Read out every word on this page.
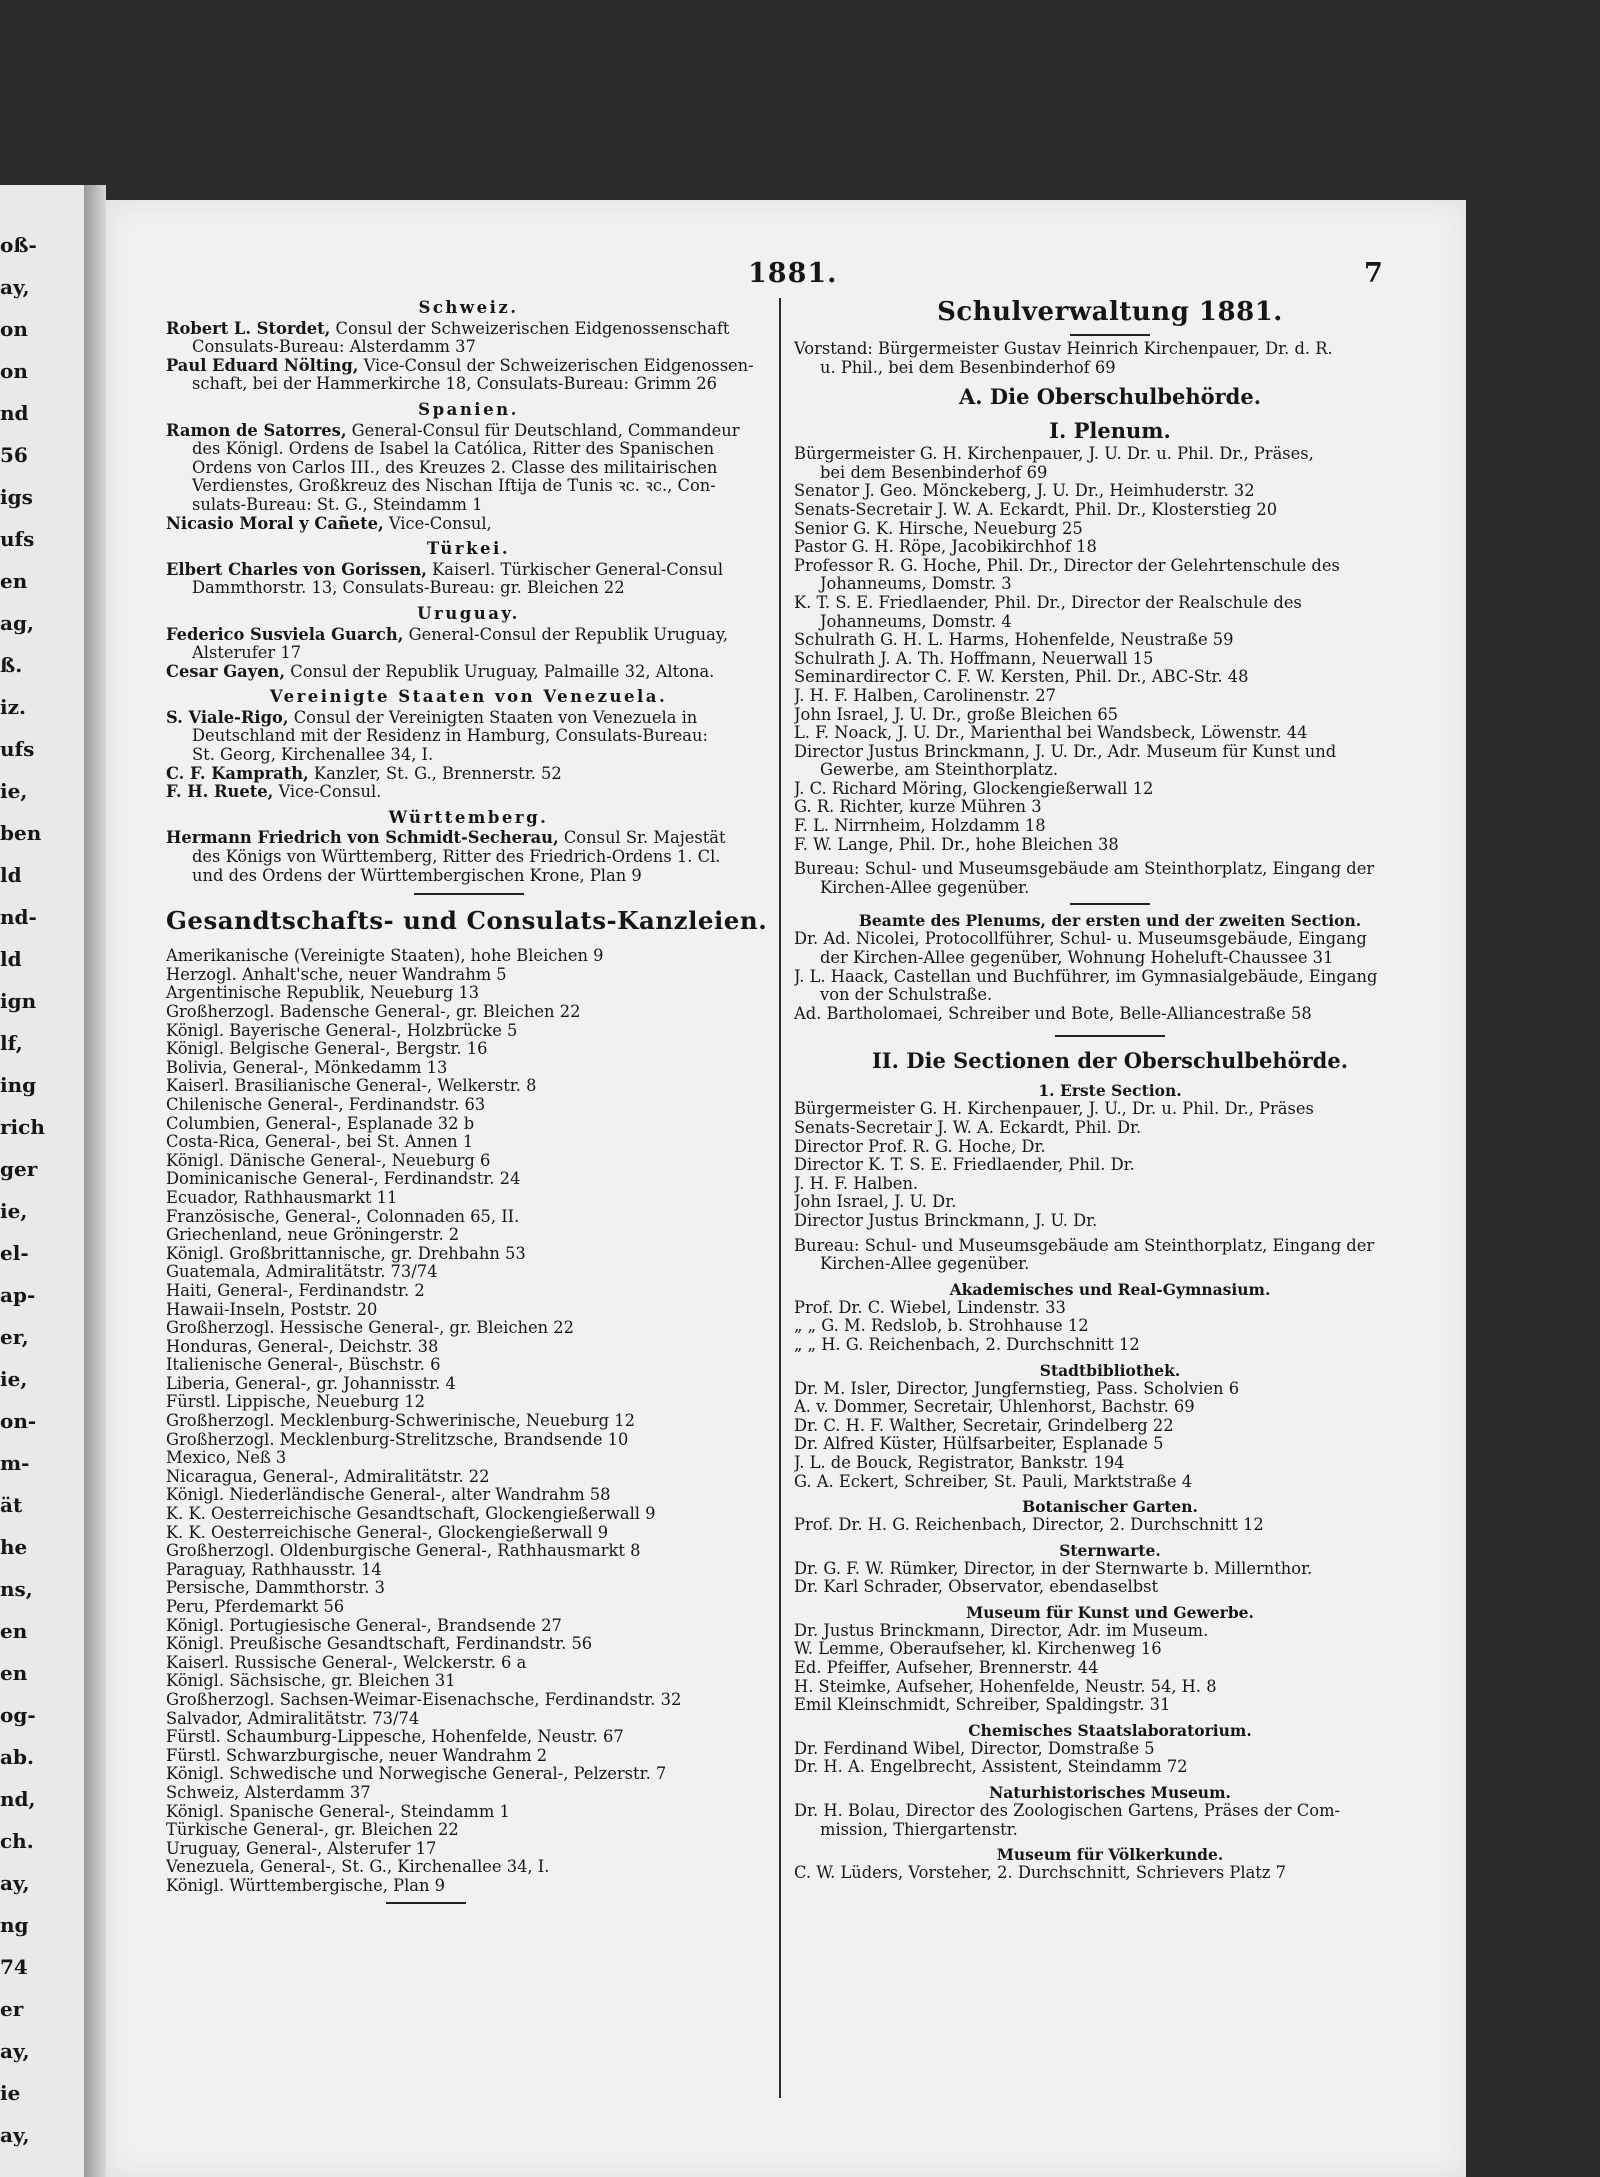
oß-
ay,
on
on
nd
56
igs
ufs
en
ag,
ß.
iz.
ufs
ie,
ben
ld
nd-
ld
ign
lf,
ing
rich
ger
ie,
el-
ap-
er,
ie,
on-
m-
ät
he
ns,
en
en
og-
ab.
nd,
ch.
ay,
ng
74
er
ay,
ie
ay,
1881.	7
Schweiz.
Robert L. Stordet, Consul der Schweizerischen Eidgenossenschaft
Consulats-Bureau: Alsterdamm 37
Paul Eduard Nölting, Vice-Consul der Schweizerischen Eidgenossen-
schaft, bei der Hammerkirche 18, Consulats-Bureau: Grimm 26
Spanien.
Ramon de Satorres, General-Consul für Deutschland, Commandeur
des Königl. Ordens de Isabel la Católica, Ritter des Spanischen
Ordens von Carlos III., des Kreuzes 2. Classe des militairischen
Verdienstes, Großkreuz des Nischan Iftija de Tunis ꝛc. ꝛc., Con-
sulats-Bureau: St. G., Steindamm 1
Nicasio Moral y Cañete, Vice-Consul,
Türkei.
Elbert Charles von Gorissen, Kaiserl. Türkischer General-Consul
Dammthorstr. 13, Consulats-Bureau: gr. Bleichen 22
Uruguay.
Federico Susviela Guarch, General-Consul der Republik Uruguay,
Alsterufer 17
Cesar Gayen, Consul der Republik Uruguay, Palmaille 32, Altona.
Vereinigte Staaten von Venezuela.
S. Viale-Rigo, Consul der Vereinigten Staaten von Venezuela in
Deutschland mit der Residenz in Hamburg, Consulats-Bureau:
St. Georg, Kirchenallee 34, I.
C. F. Kamprath, Kanzler, St. G., Brennerstr. 52
F. H. Ruete, Vice-Consul.
Württemberg.
Hermann Friedrich von Schmidt-Secherau, Consul Sr. Majestät
des Königs von Württemberg, Ritter des Friedrich-Ordens 1. Cl.
und des Ordens der Württembergischen Krone, Plan 9
Gesandtschafts- und Consulats-Kanzleien.
Amerikanische (Vereinigte Staaten), hohe Bleichen 9
Herzogl. Anhalt'sche, neuer Wandrahm 5
Argentinische Republik, Neueburg 13
Großherzogl. Badensche General-, gr. Bleichen 22
Königl. Bayerische General-, Holzbrücke 5
Königl. Belgische General-, Bergstr. 16
Bolivia, General-, Mönkedamm 13
Kaiserl. Brasilianische General-, Welkerstr. 8
Chilenische General-, Ferdinandstr. 63
Columbien, General-, Esplanade 32 b
Costa-Rica, General-, bei St. Annen 1
Königl. Dänische General-, Neueburg 6
Dominicanische General-, Ferdinandstr. 24
Ecuador, Rathhausmarkt 11
Französische, General-, Colonnaden 65, II.
Griechenland, neue Gröningerstr. 2
Königl. Großbrittannische, gr. Drehbahn 53
Guatemala, Admiralitätstr. 73/74
Haiti, General-, Ferdinandstr. 2
Hawaii-Inseln, Poststr. 20
Großherzogl. Hessische General-, gr. Bleichen 22
Honduras, General-, Deichstr. 38
Italienische General-, Büschstr. 6
Liberia, General-, gr. Johannisstr. 4
Fürstl. Lippische, Neueburg 12
Großherzogl. Mecklenburg-Schwerinische, Neueburg 12
Großherzogl. Mecklenburg-Strelitzsche, Brandsende 10
Mexico, Neß 3
Nicaragua, General-, Admiralitätstr. 22
Königl. Niederländische General-, alter Wandrahm 58
K. K. Oesterreichische Gesandtschaft, Glockengießerwall 9
K. K. Oesterreichische General-, Glockengießerwall 9
Großherzogl. Oldenburgische General-, Rathhausmarkt 8
Paraguay, Rathhausstr. 14
Persische, Dammthorstr. 3
Peru, Pferdemarkt 56
Königl. Portugiesische General-, Brandsende 27
Königl. Preußische Gesandtschaft, Ferdinandstr. 56
Kaiserl. Russische General-, Welckerstr. 6 a
Königl. Sächsische, gr. Bleichen 31
Großherzogl. Sachsen-Weimar-Eisenachsche, Ferdinandstr. 32
Salvador, Admiralitätstr. 73/74
Fürstl. Schaumburg-Lippesche, Hohenfelde, Neustr. 67
Fürstl. Schwarzburgische, neuer Wandrahm 2
Königl. Schwedische und Norwegische General-, Pelzerstr. 7
Schweiz, Alsterdamm 37
Königl. Spanische General-, Steindamm 1
Türkische General-, gr. Bleichen 22
Uruguay, General-, Alsterufer 17
Venezuela, General-, St. G., Kirchenallee 34, I.
Königl. Württembergische, Plan 9
Schulverwaltung 1881.
Vorstand: Bürgermeister Gustav Heinrich Kirchenpauer, Dr. d. R.
u. Phil., bei dem Besenbinderhof 69
A. Die Oberschulbehörde.
I. Plenum.
Bürgermeister G. H. Kirchenpauer, J. U. Dr. u. Phil. Dr., Präses,
bei dem Besenbinderhof 69
Senator J. Geo. Mönckeberg, J. U. Dr., Heimhuderstr. 32
Senats-Secretair J. W. A. Eckardt, Phil. Dr., Klosterstieg 20
Senior G. K. Hirsche, Neueburg 25
Pastor G. H. Röpe, Jacobikirchhof 18
Professor R. G. Hoche, Phil. Dr., Director der Gelehrtenschule des
Johanneums, Domstr. 3
K. T. S. E. Friedlaender, Phil. Dr., Director der Realschule des
Johanneums, Domstr. 4
Schulrath G. H. L. Harms, Hohenfelde, Neustraße 59
Schulrath J. A. Th. Hoffmann, Neuerwall 15
Seminardirector C. F. W. Kersten, Phil. Dr., ABC-Str. 48
J. H. F. Halben, Carolinenstr. 27
John Israel, J. U. Dr., große Bleichen 65
L. F. Noack, J. U. Dr., Marienthal bei Wandsbeck, Löwenstr. 44
Director Justus Brinckmann, J. U. Dr., Adr. Museum für Kunst und
Gewerbe, am Steinthorplatz.
J. C. Richard Möring, Glockengießerwall 12
G. R. Richter, kurze Mühren 3
F. L. Nirrnheim, Holzdamm 18
F. W. Lange, Phil. Dr., hohe Bleichen 38
Bureau: Schul- und Museumsgebäude am Steinthorplatz, Eingang der
Kirchen-Allee gegenüber.
Beamte des Plenums, der ersten und der zweiten Section.
Dr. Ad. Nicolei, Protocollführer, Schul- u. Museumsgebäude, Eingang
der Kirchen-Allee gegenüber, Wohnung Hoheluft-Chaussee 31
J. L. Haack, Castellan und Buchführer, im Gymnasialgebäude, Eingang
von der Schulstraße.
Ad. Bartholomaei, Schreiber und Bote, Belle-Alliancestraße 58
II. Die Sectionen der Oberschulbehörde.
1. Erste Section.
Bürgermeister G. H. Kirchenpauer, J. U., Dr. u. Phil. Dr., Präses
Senats-Secretair J. W. A. Eckardt, Phil. Dr.
Director Prof. R. G. Hoche, Dr.
Director K. T. S. E. Friedlaender, Phil. Dr.
J. H. F. Halben.
John Israel, J. U. Dr.
Director Justus Brinckmann, J. U. Dr.
Bureau: Schul- und Museumsgebäude am Steinthorplatz, Eingang der
Kirchen-Allee gegenüber.
Akademisches und Real-Gymnasium.
Prof. Dr. C. Wiebel, Lindenstr. 33
„ „ G. M. Redslob, b. Strohhause 12
„ „ H. G. Reichenbach, 2. Durchschnitt 12
Stadtbibliothek.
Dr. M. Isler, Director, Jungfernstieg, Pass. Scholvien 6
A. v. Dommer, Secretair, Uhlenhorst, Bachstr. 69
Dr. C. H. F. Walther, Secretair, Grindelberg 22
Dr. Alfred Küster, Hülfsarbeiter, Esplanade 5
J. L. de Bouck, Registrator, Bankstr. 194
G. A. Eckert, Schreiber, St. Pauli, Marktstraße 4
Botanischer Garten.
Prof. Dr. H. G. Reichenbach, Director, 2. Durchschnitt 12
Sternwarte.
Dr. G. F. W. Rümker, Director, in der Sternwarte b. Millernthor.
Dr. Karl Schrader, Observator, ebendaselbst
Museum für Kunst und Gewerbe.
Dr. Justus Brinckmann, Director, Adr. im Museum.
W. Lemme, Oberaufseher, kl. Kirchenweg 16
Ed. Pfeiffer, Aufseher, Brennerstr. 44
H. Steimke, Aufseher, Hohenfelde, Neustr. 54, H. 8
Emil Kleinschmidt, Schreiber, Spaldingstr. 31
Chemisches Staatslaboratorium.
Dr. Ferdinand Wibel, Director, Domstraße 5
Dr. H. A. Engelbrecht, Assistent, Steindamm 72
Naturhistorisches Museum.
Dr. H. Bolau, Director des Zoologischen Gartens, Präses der Com-
mission, Thiergartenstr.
Museum für Völkerkunde.
C. W. Lüders, Vorsteher, 2. Durchschnitt, Schrievers Platz 7
